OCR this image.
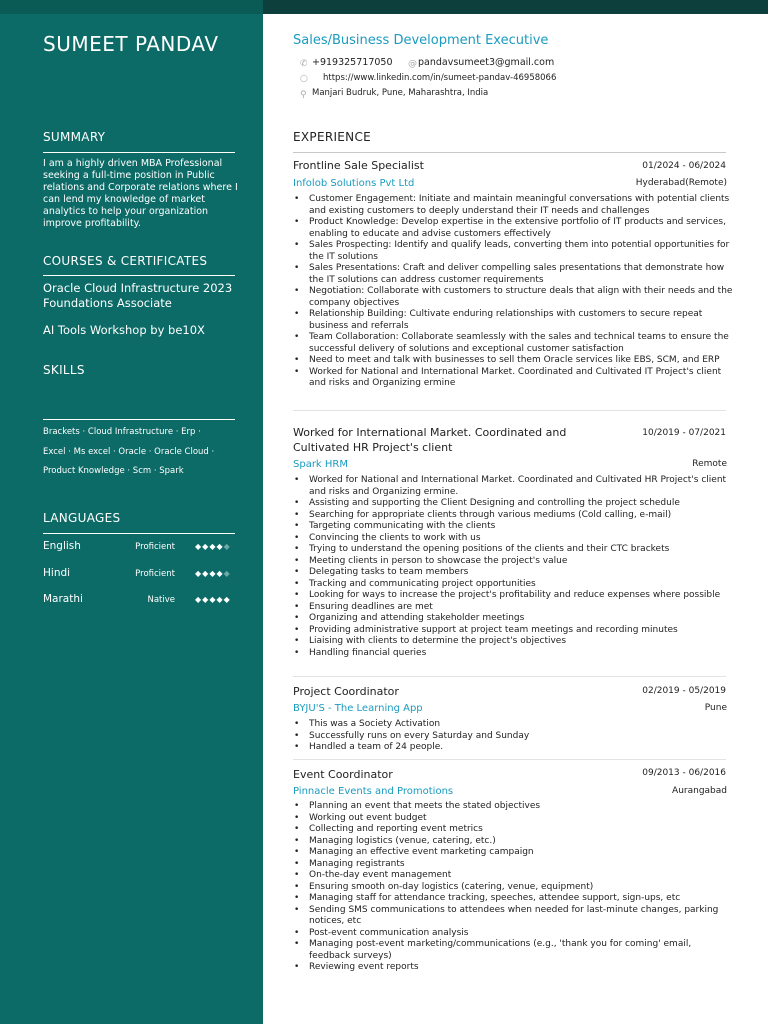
SUMEET PANDAV
SUMMARY
I am a highly driven MBA Professional seeking a full-time position in Public relations and Corporate relations where I can lend my knowledge of market analytics to help your organization improve profitability.
COURSES & CERTIFICATES
Oracle Cloud Infrastructure 2023 Foundations Associate
AI Tools Workshop by be10X
SKILLS
Brackets · Cloud Infrastructure · Erp ·
Excel · Ms excel · Oracle · Oracle Cloud ·
Product Knowledge · Scm · Spark
LANGUAGES
English	Proficient	◆◆◆◆◆
Hindi	Proficient	◆◆◆◆◆
Marathi	Native	◆◆◆◆◆
Sales/Business Development Executive
✆ +919325717050 @ pandavsumeet3@gmail.com
○ https://www.linkedin.com/in/sumeet-pandav-46958066
⚲ Manjari Budruk, Pune, Maharashtra, India
EXPERIENCE
Frontline Sale Specialist	01/2024 - 06/2024
Infolob Solutions Pvt Ltd	Hyderabad(Remote)
• Customer Engagement: Initiate and maintain meaningful conversations with potential clients and existing customers to deeply understand their IT needs and challenges
• Product Knowledge: Develop expertise in the extensive portfolio of IT products and services, enabling to educate and advise customers effectively
• Sales Prospecting: Identify and qualify leads, converting them into potential opportunities for the IT solutions
• Sales Presentations: Craft and deliver compelling sales presentations that demonstrate how the IT solutions can address customer requirements
• Negotiation: Collaborate with customers to structure deals that align with their needs and the company objectives
• Relationship Building: Cultivate enduring relationships with customers to secure repeat business and referrals
• Team Collaboration: Collaborate seamlessly with the sales and technical teams to ensure the successful delivery of solutions and exceptional customer satisfaction
• Need to meet and talk with businesses to sell them Oracle services like EBS, SCM, and ERP
• Worked for National and International Market. Coordinated and Cultivated IT Project's client and risks and Organizing ermine
Worked for International Market. Coordinated and Cultivated HR Project's client
10/2019 - 07/2021
Spark HRM	Remote
• Worked for National and International Market. Coordinated and Cultivated HR Project's client and risks and Organizing ermine.
• Assisting and supporting the Client Designing and controlling the project schedule
• Searching for appropriate clients through various mediums (Cold calling, e-mail)
• Targeting communicating with the clients
• Convincing the clients to work with us
• Trying to understand the opening positions of the clients and their CTC brackets
• Meeting clients in person to showcase the project's value
• Delegating tasks to team members
• Tracking and communicating project opportunities
• Looking for ways to increase the project's profitability and reduce expenses where possible
• Ensuring deadlines are met
• Organizing and attending stakeholder meetings
• Providing administrative support at project team meetings and recording minutes
• Liaising with clients to determine the project's objectives
• Handling financial queries
Project Coordinator	02/2019 - 05/2019
BYJU'S - The Learning App	Pune
• This was a Society Activation
• Successfully runs on every Saturday and Sunday
• Handled a team of 24 people.
Event Coordinator	09/2013 - 06/2016
Pinnacle Events and Promotions	Aurangabad
• Planning an event that meets the stated objectives
• Working out event budget
• Collecting and reporting event metrics
• Managing logistics (venue, catering, etc.)
• Managing an effective event marketing campaign
• Managing registrants
• On-the-day event management
• Ensuring smooth on-day logistics (catering, venue, equipment)
• Managing staff for attendance tracking, speeches, attendee support, sign-ups, etc
• Sending SMS communications to attendees when needed for last-minute changes, parking notices, etc
• Post-event communication analysis
• Managing post-event marketing/communications (e.g., 'thank you for coming' email, feedback surveys)
• Reviewing event reports
